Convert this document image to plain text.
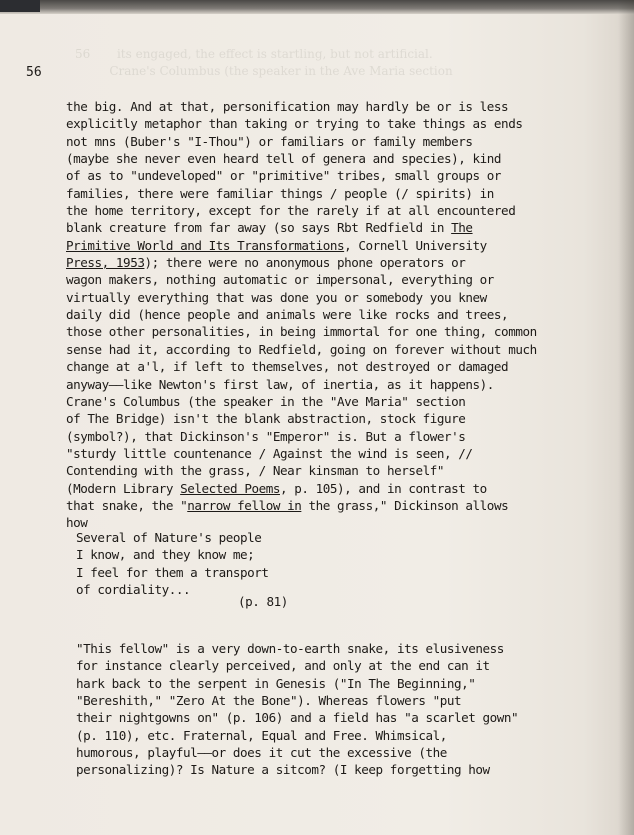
56       its engaged, the effect is startling, but not artificial.
Crane's Columbus (the speaker in the Ave Maria section
56
the big. And at that, personification may hardly be or is less
explicitly metaphor than taking or trying to take things as ends
not mns (Buber's "I-Thou") or familiars or family members
(maybe she never even heard tell of genera and species), kind
of as to "undeveloped" or "primitive" tribes, small groups or
families, there were familiar things / people (/ spirits) in
the home territory, except for the rarely if at all encountered
blank creature from far away (so says Rbt Redfield in The
Primitive World and Its Transformations, Cornell University
Press, 1953); there were no anonymous phone operators or
wagon makers, nothing automatic or impersonal, everything or
virtually everything that was done you or somebody you knew
daily did (hence people and animals were like rocks and trees,
those other personalities, in being immortal for one thing, common
sense had it, according to Redfield, going on forever without much
change at a'l, if left to themselves, not destroyed or damaged
anyway——like Newton's first law, of inertia, as it happens).
Crane's Columbus (the speaker in the "Ave Maria" section
of The Bridge) isn't the blank abstraction, stock figure
(symbol?), that Dickinson's "Emperor" is. But a flower's
"sturdy little countenance / Against the wind is seen, //
Contending with the grass, / Near kinsman to herself"
(Modern Library Selected Poems, p. 105), and in contrast to
that snake, the "narrow fellow in the grass," Dickinson allows
how
Several of Nature's people
I know, and they know me;
I feel for them a transport
of cordiality...
(p. 81)
"This fellow" is a very down-to-earth snake, its elusiveness
for instance clearly perceived, and only at the end can it
hark back to the serpent in Genesis ("In The Beginning,"
"Bereshith," "Zero At the Bone"). Whereas flowers "put
their nightgowns on" (p. 106) and a field has "a scarlet gown"
(p. 110), etc. Fraternal, Equal and Free. Whimsical,
humorous, playful——or does it cut the excessive (the
personalizing)? Is Nature a sitcom? (I keep forgetting how
